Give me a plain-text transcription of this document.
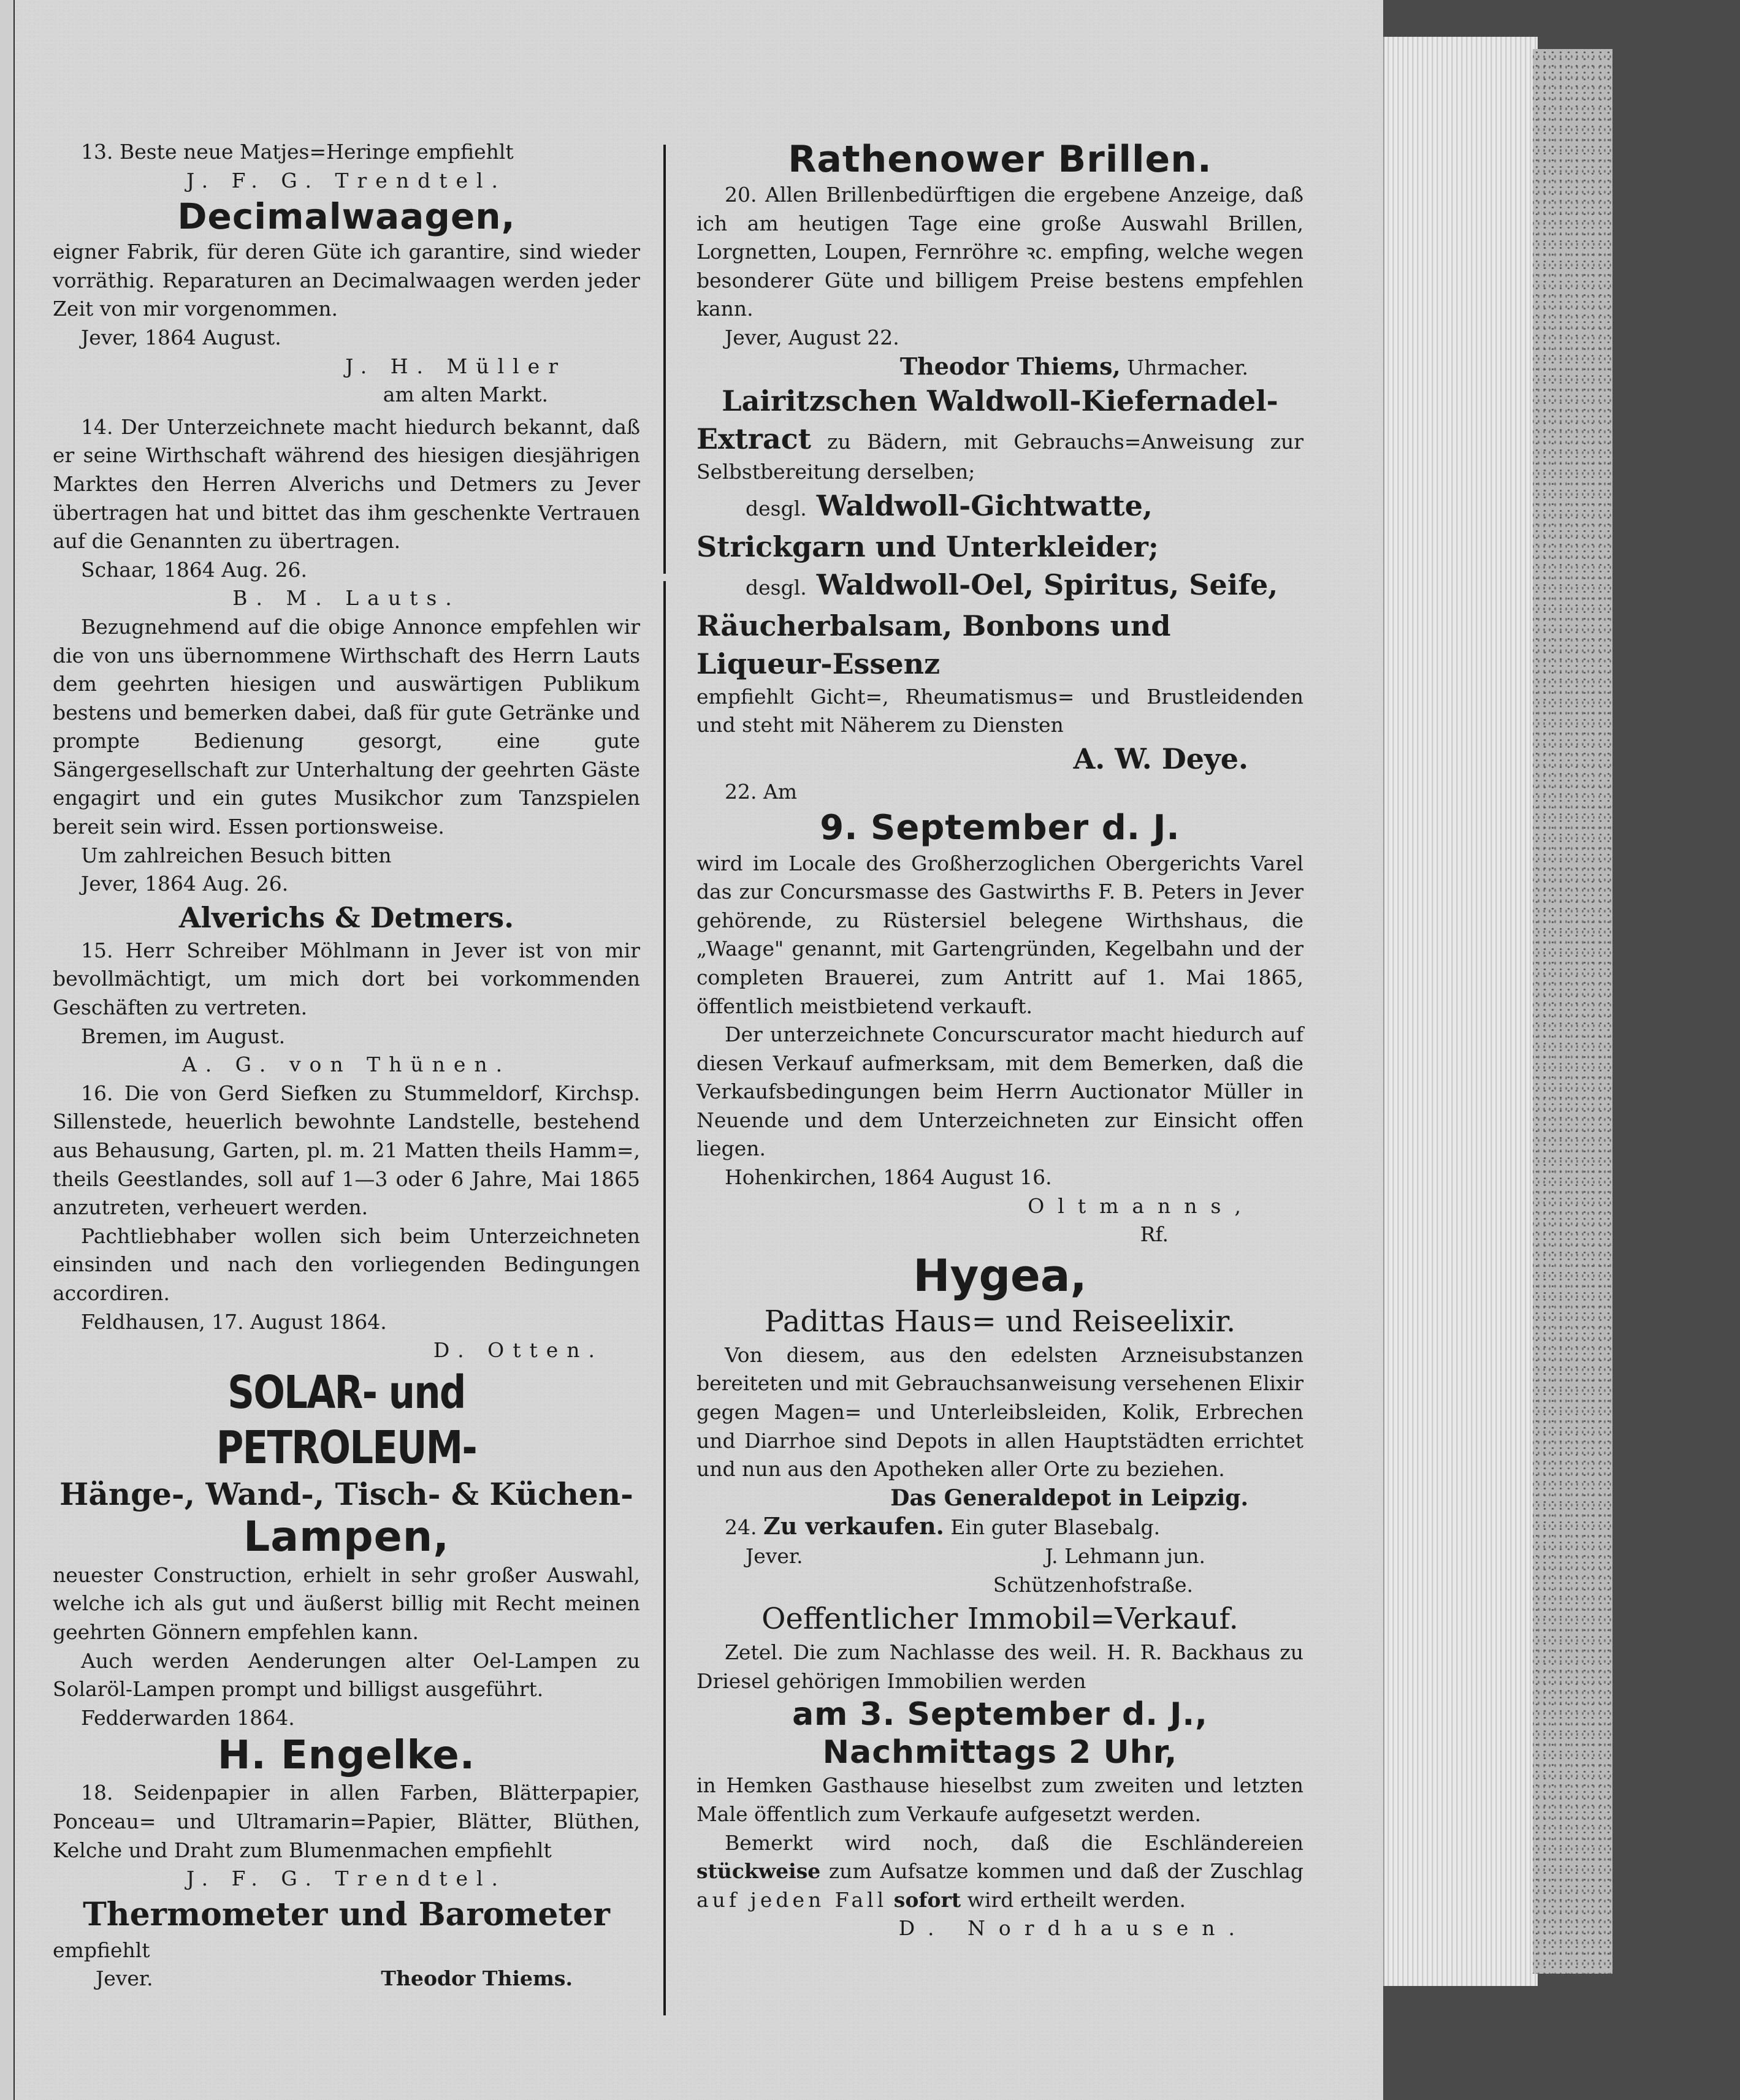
13. Beste neue Matjes=Heringe empfiehlt

J. F. G. Trendtel.

Decimalwaagen,

eigner Fabrik, für deren Güte ich garantire, sind wieder vorräthig. Reparaturen an Decimalwaagen werden jeder Zeit von mir vorgenommen.

Jever, 1864 August.

J. H. Müller

am alten Markt.

14. Der Unterzeichnete macht hiedurch bekannt, daß er seine Wirthschaft während des hiesigen diesjährigen Marktes den Herren Alverichs und Detmers zu Jever übertragen hat und bittet das ihm geschenkte Vertrauen auf die Genannten zu übertragen.

Schaar, 1864 Aug. 26.

B. M. Lauts.

Bezugnehmend auf die obige Annonce empfehlen wir die von uns übernommene Wirthschaft des Herrn Lauts dem geehrten hiesigen und auswärtigen Publikum bestens und bemerken dabei, daß für gute Getränke und prompte Bedienung gesorgt, eine gute Sängergesellschaft zur Unterhaltung der geehrten Gäste engagirt und ein gutes Musikchor zum Tanzspielen bereit sein wird. Essen portionsweise.

Um zahlreichen Besuch bitten

Jever, 1864 Aug. 26.

Alverichs & Detmers.

15. Herr Schreiber Möhlmann in Jever ist von mir bevollmächtigt, um mich dort bei vorkommenden Geschäften zu vertreten.

Bremen, im August.

A. G. von Thünen.

16. Die von Gerd Siefken zu Stummeldorf, Kirchsp. Sillenstede, heuerlich bewohnte Landstelle, bestehend aus Behausung, Garten, pl. m. 21 Matten theils Hamm=, theils Geestlandes, soll auf 1—3 oder 6 Jahre, Mai 1865 anzutreten, verheuert werden.

Pachtliebhaber wollen sich beim Unterzeichneten einsinden und nach den vorliegenden Bedingungen accordiren.

Feldhausen, 17. August 1864.

D. Otten.

SOLAR- und PETROLEUM-

Hänge-, Wand-, Tisch- & Küchen-

Lampen,

neuester Construction, erhielt in sehr großer Auswahl, welche ich als gut und äußerst billig mit Recht meinen geehrten Gönnern empfehlen kann.

Auch werden Aenderungen alter Oel-Lampen zu Solaröl-Lampen prompt und billigst ausgeführt.

Fedderwarden 1864.

H. Engelke.

18. Seidenpapier in allen Farben, Blätterpapier, Ponceau= und Ultramarin=Papier, Blätter, Blüthen, Kelche und Draht zum Blumenmachen empfiehlt

J. F. G. Trendtel.

Thermometer und Barometer

empfiehlt

Jever.	Theodor Thiems.

Rathenower Brillen.

20. Allen Brillenbedürftigen die ergebene Anzeige, daß ich am heutigen Tage eine große Auswahl Brillen, Lorgnetten, Loupen, Fernröhre ꝛc. empfing, welche wegen besonderer Güte und billigem Preise bestens empfehlen kann.

Jever, August 22.

Theodor Thiems, Uhrmacher.

Lairitzschen Waldwoll-Kiefernadel-

Extract zu Bädern, mit Gebrauchs=Anweisung zur Selbstbereitung derselben;

desgl. Waldwoll-Gichtwatte, Strickgarn und Unterkleider;

desgl. Waldwoll-Oel, Spiritus, Seife, Räucherbalsam, Bonbons und Liqueur-Essenz

empfiehlt Gicht=, Rheumatismus= und Brustleidenden und steht mit Näherem zu Diensten

A. W. Deye.

22. Am

9. September d. J.

wird im Locale des Großherzoglichen Obergerichts Varel das zur Concursmasse des Gastwirths F. B. Peters in Jever gehörende, zu Rüstersiel belegene Wirthshaus, die „Waage" genannt, mit Gartengründen, Kegelbahn und der completen Brauerei, zum Antritt auf 1. Mai 1865, öffentlich meistbietend verkauft.

Der unterzeichnete Concurscurator macht hiedurch auf diesen Verkauf aufmerksam, mit dem Bemerken, daß die Verkaufsbedingungen beim Herrn Auctionator Müller in Neuende und dem Unterzeichneten zur Einsicht offen liegen.

Hohenkirchen, 1864 August 16.

Oltmanns,

Rf.

Hygea,

Padittas Haus= und Reiseelixir.

Von diesem, aus den edelsten Arzneisubstanzen bereiteten und mit Gebrauchsanweisung versehenen Elixir gegen Magen= und Unterleibsleiden, Kolik, Erbrechen und Diarrhoe sind Depots in allen Hauptstädten errichtet und nun aus den Apotheken aller Orte zu beziehen.

Das Generaldepot in Leipzig.

24. Zu verkaufen. Ein guter Blasebalg.

Jever.	J. Lehmann jun.

Schützenhofstraße.

Oeffentlicher Immobil=Verkauf.

Zetel. Die zum Nachlasse des weil. H. R. Backhaus zu Driesel gehörigen Immobilien werden

am 3. September d. J.,

Nachmittags 2 Uhr,

in Hemken Gasthause hieselbst zum zweiten und letzten Male öffentlich zum Verkaufe aufgesetzt werden.

Bemerkt wird noch, daß die Eschländereien stückweise zum Aufsatze kommen und daß der Zuschlag auf jeden Fall sofort wird ertheilt werden.

D. Nordhausen.
